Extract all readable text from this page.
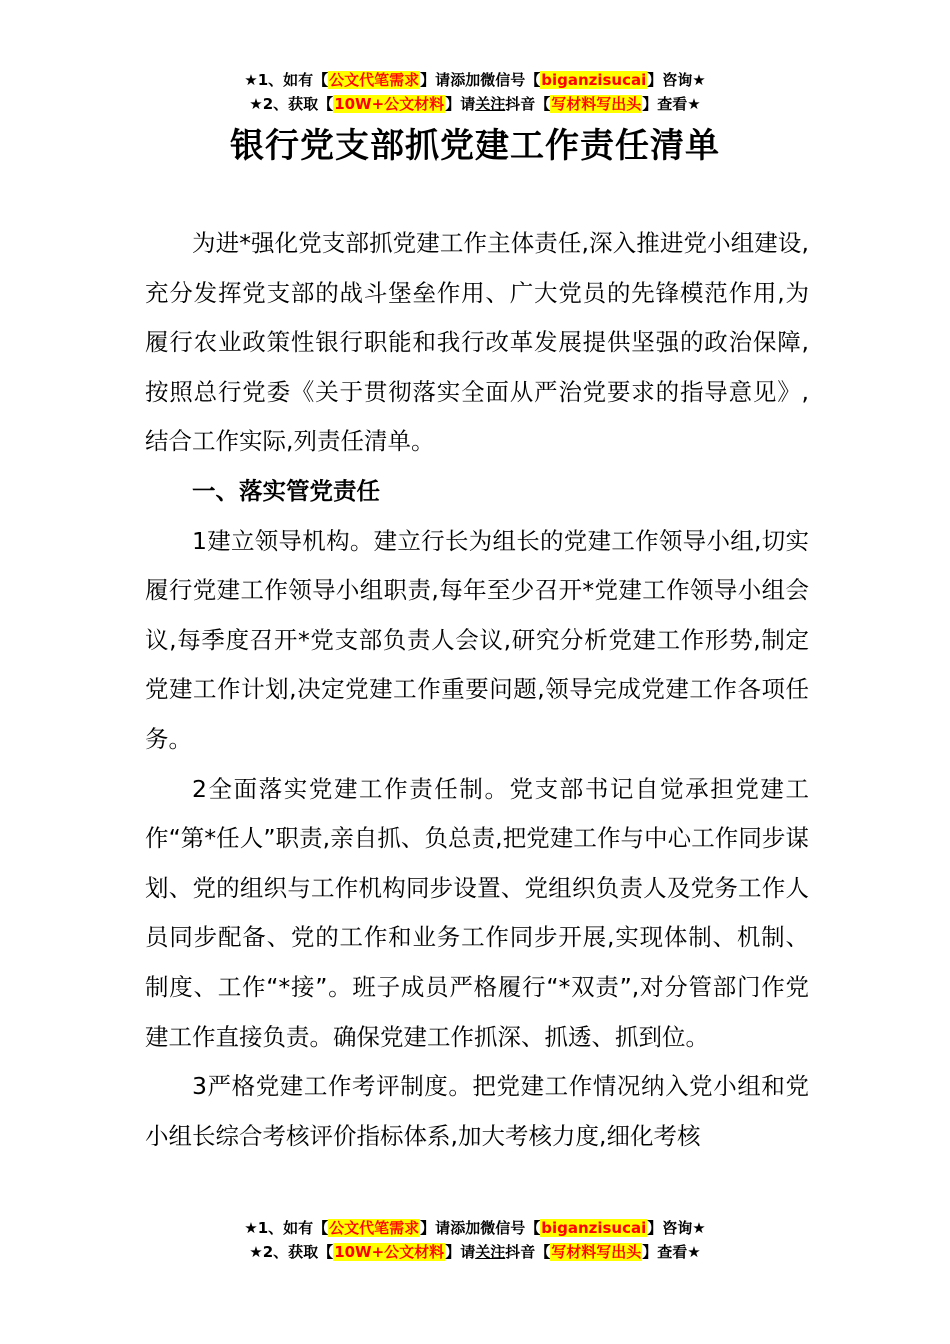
★1、如有【公文代笔需求】请添加微信号【biganzisucai】咨询★
★2、获取【10W+公文材料】请关注抖音【写材料写出头】查看★
银行党支部抓党建工作责任清单

为进*强化党支部抓党建工作主体责任,深入推进党小组建设,充分发挥党支部的战斗堡垒作用、广大党员的先锋模范作用,为履行农业政策性银行职能和我行改革发展提供坚强的政治保障,按照总行党委《关于贯彻落实全面从严治党要求的指导意见》,结合工作实际,列责任清单。

一、落实管党责任

1建立领导机构。建立行长为组长的党建工作领导小组,切实履行党建工作领导小组职责,每年至少召开*党建工作领导小组会议,每季度召开*党支部负责人会议,研究分析党建工作形势,制定党建工作计划,决定党建工作重要问题,领导完成党建工作各项任务。

2全面落实党建工作责任制。党支部书记自觉承担党建工作“第*任人”职责,亲自抓、负总责,把党建工作与中心工作同步谋划、党的组织与工作机构同步设置、党组织负责人及党务工作人员同步配备、党的工作和业务工作同步开展,实现体制、机制、制度、工作“*接”。班子成员严格履行“*双责”,对分管部门作党建工作直接负责。确保党建工作抓深、抓透、抓到位。

3严格党建工作考评制度。把党建工作情况纳入党小组和党小组长综合考核评价指标体系,加大考核力度,细化考核

★1、如有【公文代笔需求】请添加微信号【biganzisucai】咨询★
★2、获取【10W+公文材料】请关注抖音【写材料写出头】查看★
